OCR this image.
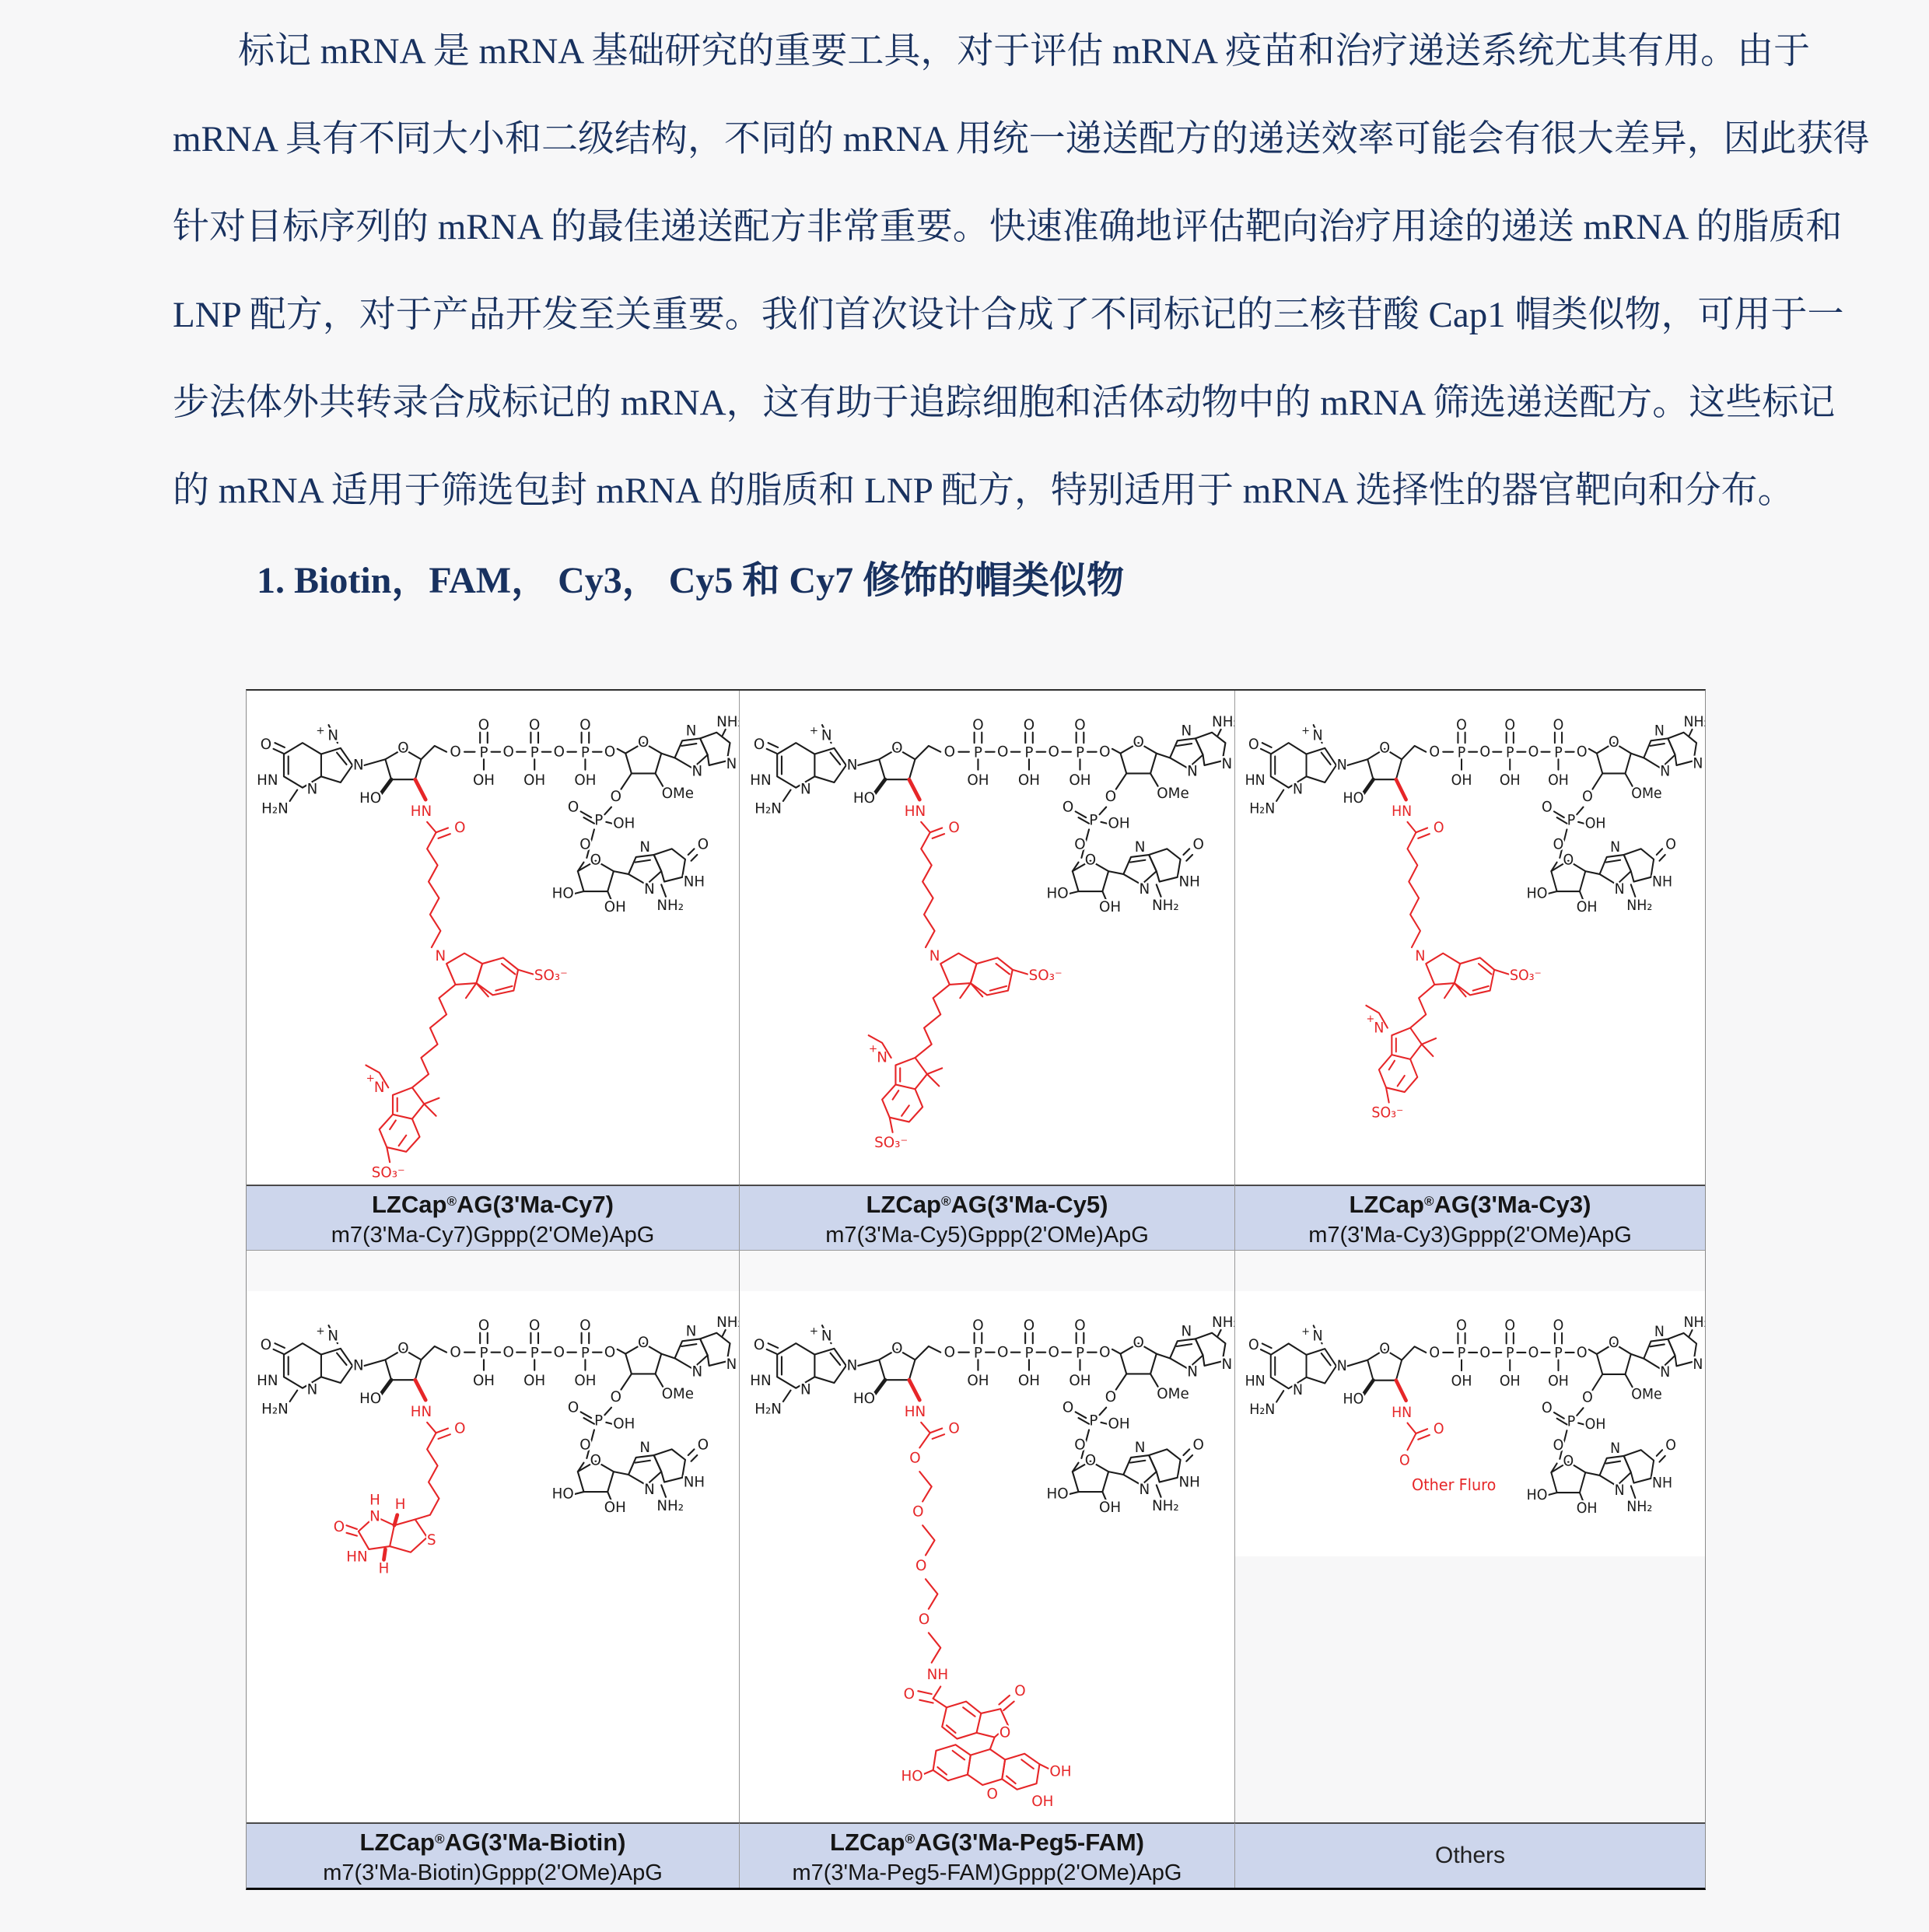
标记 mRNA 是 mRNA 基础研究的重要工具，对于评估 mRNA 疫苗和治疗递送系统尤其有用。由于
mRNA 具有不同大小和二级结构，不同的 mRNA 用统一递送配方的递送效率可能会有很大差异，因此获得
针对目标序列的 mRNA 的最佳递送配方非常重要。快速准确地评估靶向治疗用途的递送 mRNA 的脂质和
LNP 配方，对于产品开发至关重要。我们首次设计合成了不同标记的三核苷酸 Cap1 帽类似物，可用于一
步法体外共转录合成标记的 mRNA，这有助于追踪细胞和活体动物中的 mRNA 筛选递送配方。这些标记
的 mRNA 适用于筛选包封 mRNA 的脂质和 LNP 配方，特别适用于 mRNA 选择性的器官靶向和分布。
1. Biotin，FAM， Cy3， Cy5 和 Cy7 修饰的帽类似物
N
+
SO₃⁻
N
+
SO₃⁻
N
+
SO₃⁻
LZCap®AG(3'Ma-Cy7)
m7(3'Ma-Cy7)Gppp(2'OMe)ApG
LZCap®AG(3'Ma-Cy5)
m7(3'Ma-Cy5)Gppp(2'OMe)ApG
LZCap®AG(3'Ma-Cy3)
m7(3'Ma-Cy3)Gppp(2'OMe)ApG
O
N
H
HN
H
H
S
O
O
O
O
NH
O	O
O
O
HO	OH
OH
O
Other Fluro
LZCap®AG(3'Ma-Biotin)
m7(3'Ma-Biotin)Gppp(2'OMe)ApG
LZCap®AG(3'Ma-Peg5-FAM)
m7(3'Ma-Peg5-FAM)Gppp(2'OMe)ApG
Others
